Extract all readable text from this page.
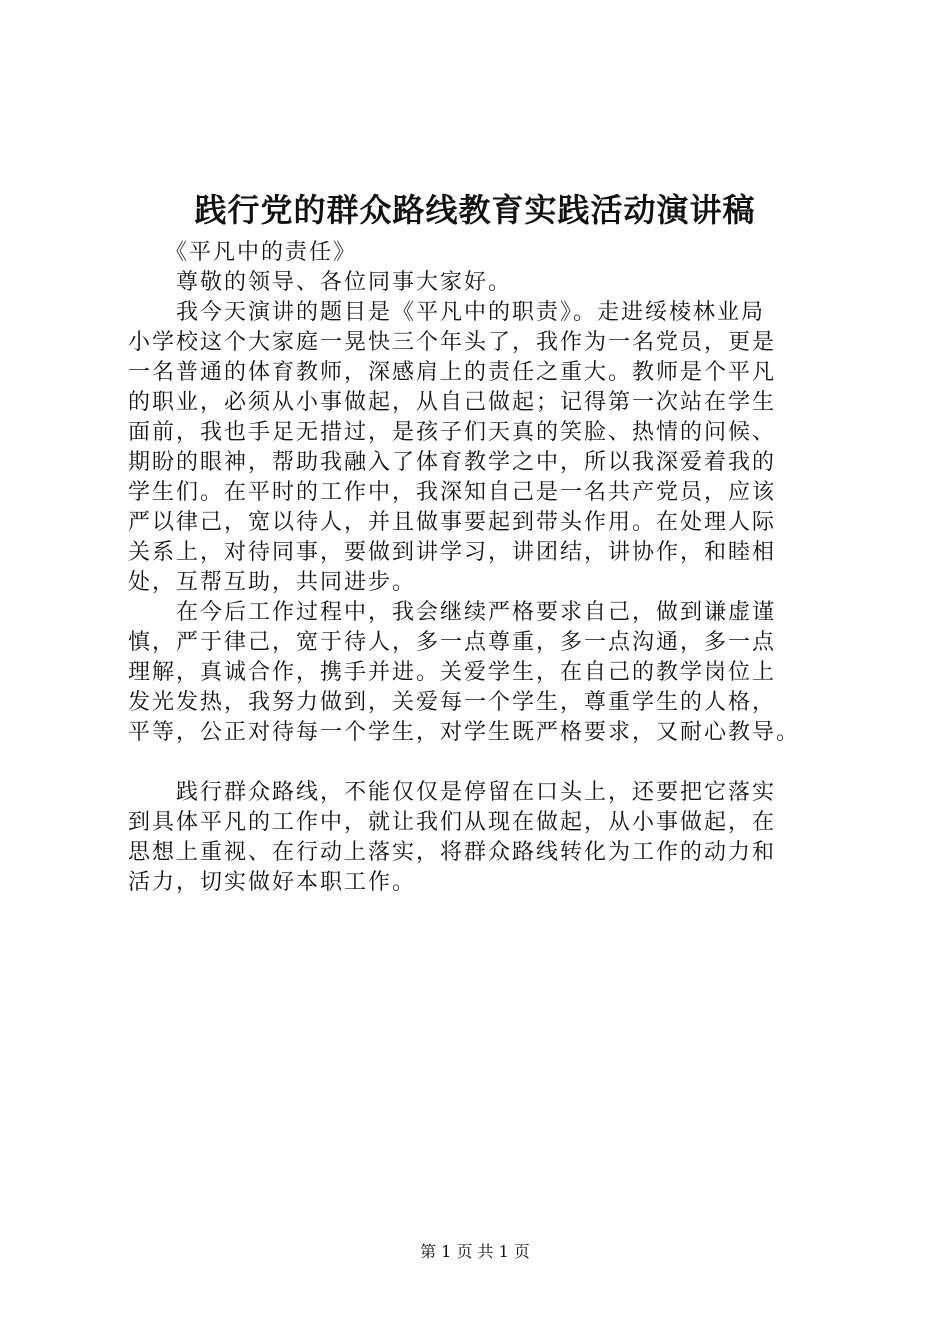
践行党的群众路线教育实践活动演讲稿
　　《平凡中的责任》
　　尊敬的领导、各位同事大家好。
　　我今天演讲的题目是《平凡中的职责》。走进绥棱林业局
小学校这个大家庭一晃快三个年头了，我作为一名党员，更是
一名普通的体育教师，深感肩上的责任之重大。教师是个平凡
的职业，必须从小事做起，从自己做起；记得第一次站在学生
面前，我也手足无措过，是孩子们天真的笑脸、热情的问候、
期盼的眼神，帮助我融入了体育教学之中，所以我深爱着我的
学生们。在平时的工作中，我深知自己是一名共产党员，应该
严以律己，宽以待人，并且做事要起到带头作用。在处理人际
关系上，对待同事，要做到讲学习，讲团结，讲协作，和睦相
处，互帮互助，共同进步。
　　在今后工作过程中，我会继续严格要求自己，做到谦虚谨
慎，严于律己，宽于待人，多一点尊重，多一点沟通，多一点
理解，真诚合作，携手并进。关爱学生，在自己的教学岗位上
发光发热，我努力做到，关爱每一个学生，尊重学生的人格，
平等，公正对待每一个学生，对学生既严格要求，又耐心教导。
　　践行群众路线，不能仅仅是停留在口头上，还要把它落实
到具体平凡的工作中，就让我们从现在做起，从小事做起，在
思想上重视、在行动上落实，将群众路线转化为工作的动力和
活力，切实做好本职工作。
第 1 页 共 1 页
